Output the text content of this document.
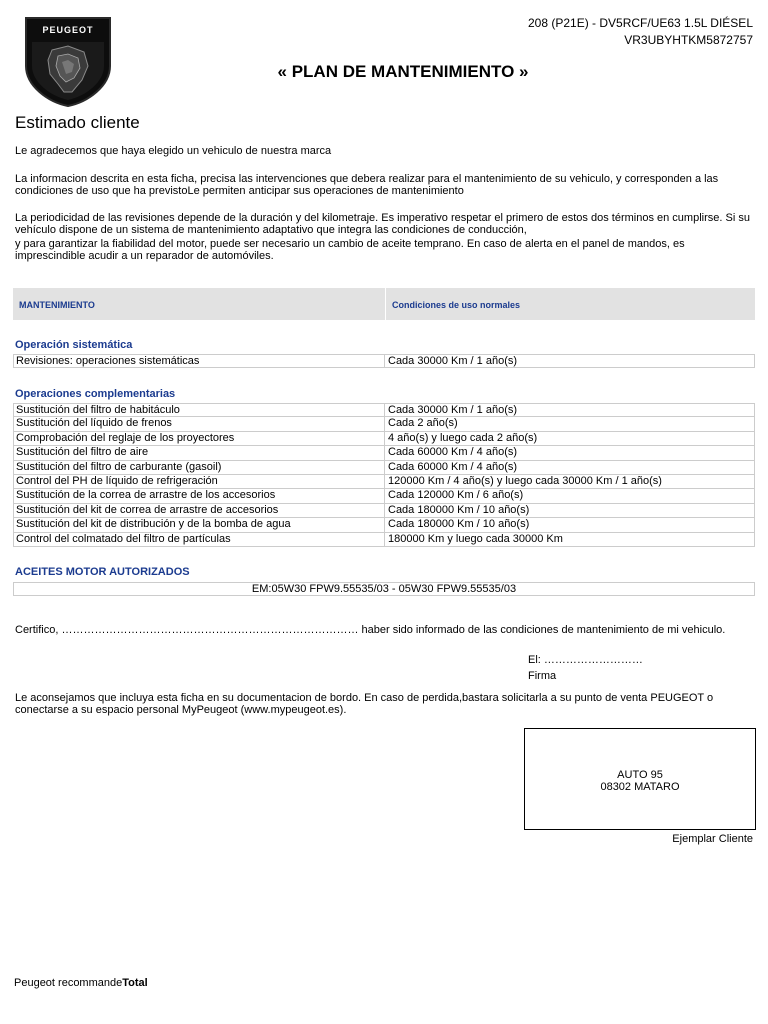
PEUGEOT	208 (P21E) - DV5RCF/UE63 1.5L DIÉSEL
VR3UBYHTKM5872757
« PLAN DE MANTENIMIENTO »
Estimado cliente
Le agradecemos que haya elegido un vehiculo de nuestra marca
La informacion descrita en esta ficha, precisa las intervenciones que debera realizar para el mantenimiento de su vehiculo, y corresponden a las condiciones de uso que ha previstoLe permiten anticipar sus operaciones de mantenimiento
La periodicidad de las revisiones depende de la duración y del kilometraje. Es imperativo respetar el primero de estos dos términos en cumplirse. Si su vehículo dispone de un sistema de mantenimiento adaptativo que integra las condiciones de conducción,
y para garantizar la fiabilidad del motor, puede ser necesario un cambio de aceite temprano. En caso de alerta en el panel de mandos, es imprescindible acudir a un reparador de automóviles.
MANTENIMIENTO	Condiciones de uso normales
Operación sistemática
Revisiones: operaciones sistemáticas	Cada 30000 Km / 1 año(s)
Operaciones complementarias
Sustitución del filtro de habitáculo	Cada 30000 Km / 1 año(s)
Sustitución del líquido de frenos	Cada 2 año(s)
Comprobación del reglaje de los proyectores	4 año(s) y luego cada 2 año(s)
Sustitución del filtro de aire	Cada 60000 Km / 4 año(s)
Sustitución del filtro de carburante (gasoil)	Cada 60000 Km / 4 año(s)
Control del PH de líquido de refrigeración	120000 Km / 4 año(s) y luego cada 30000 Km / 1 año(s)
Sustitución de la correa de arrastre de los accesorios	Cada 120000 Km / 6 año(s)
Sustitución del kit de correa de arrastre de accesorios	Cada 180000 Km / 10 año(s)
Sustitución del kit de distribución y de la bomba de agua	Cada 180000 Km / 10 año(s)
Control del colmatado del filtro de partículas	180000 Km y luego cada 30000 Km
ACEITES MOTOR AUTORIZADOS
EM:05W30 FPW9.55535/03 - 05W30 FPW9.55535/03
Certifico, ……………………………………………………………………… haber sido informado de las condiciones de mantenimiento de mi vehiculo.
El: ………………………
Firma
Le aconsejamos que incluya esta ficha en su documentacion de bordo. En caso de perdida,bastara solicitarla a su punto de venta PEUGEOT o conectarse a su espacio personal MyPeugeot (www.mypeugeot.es).
AUTO 95
08302 MATARO
Ejemplar Cliente
Peugeot recommandeTotal
